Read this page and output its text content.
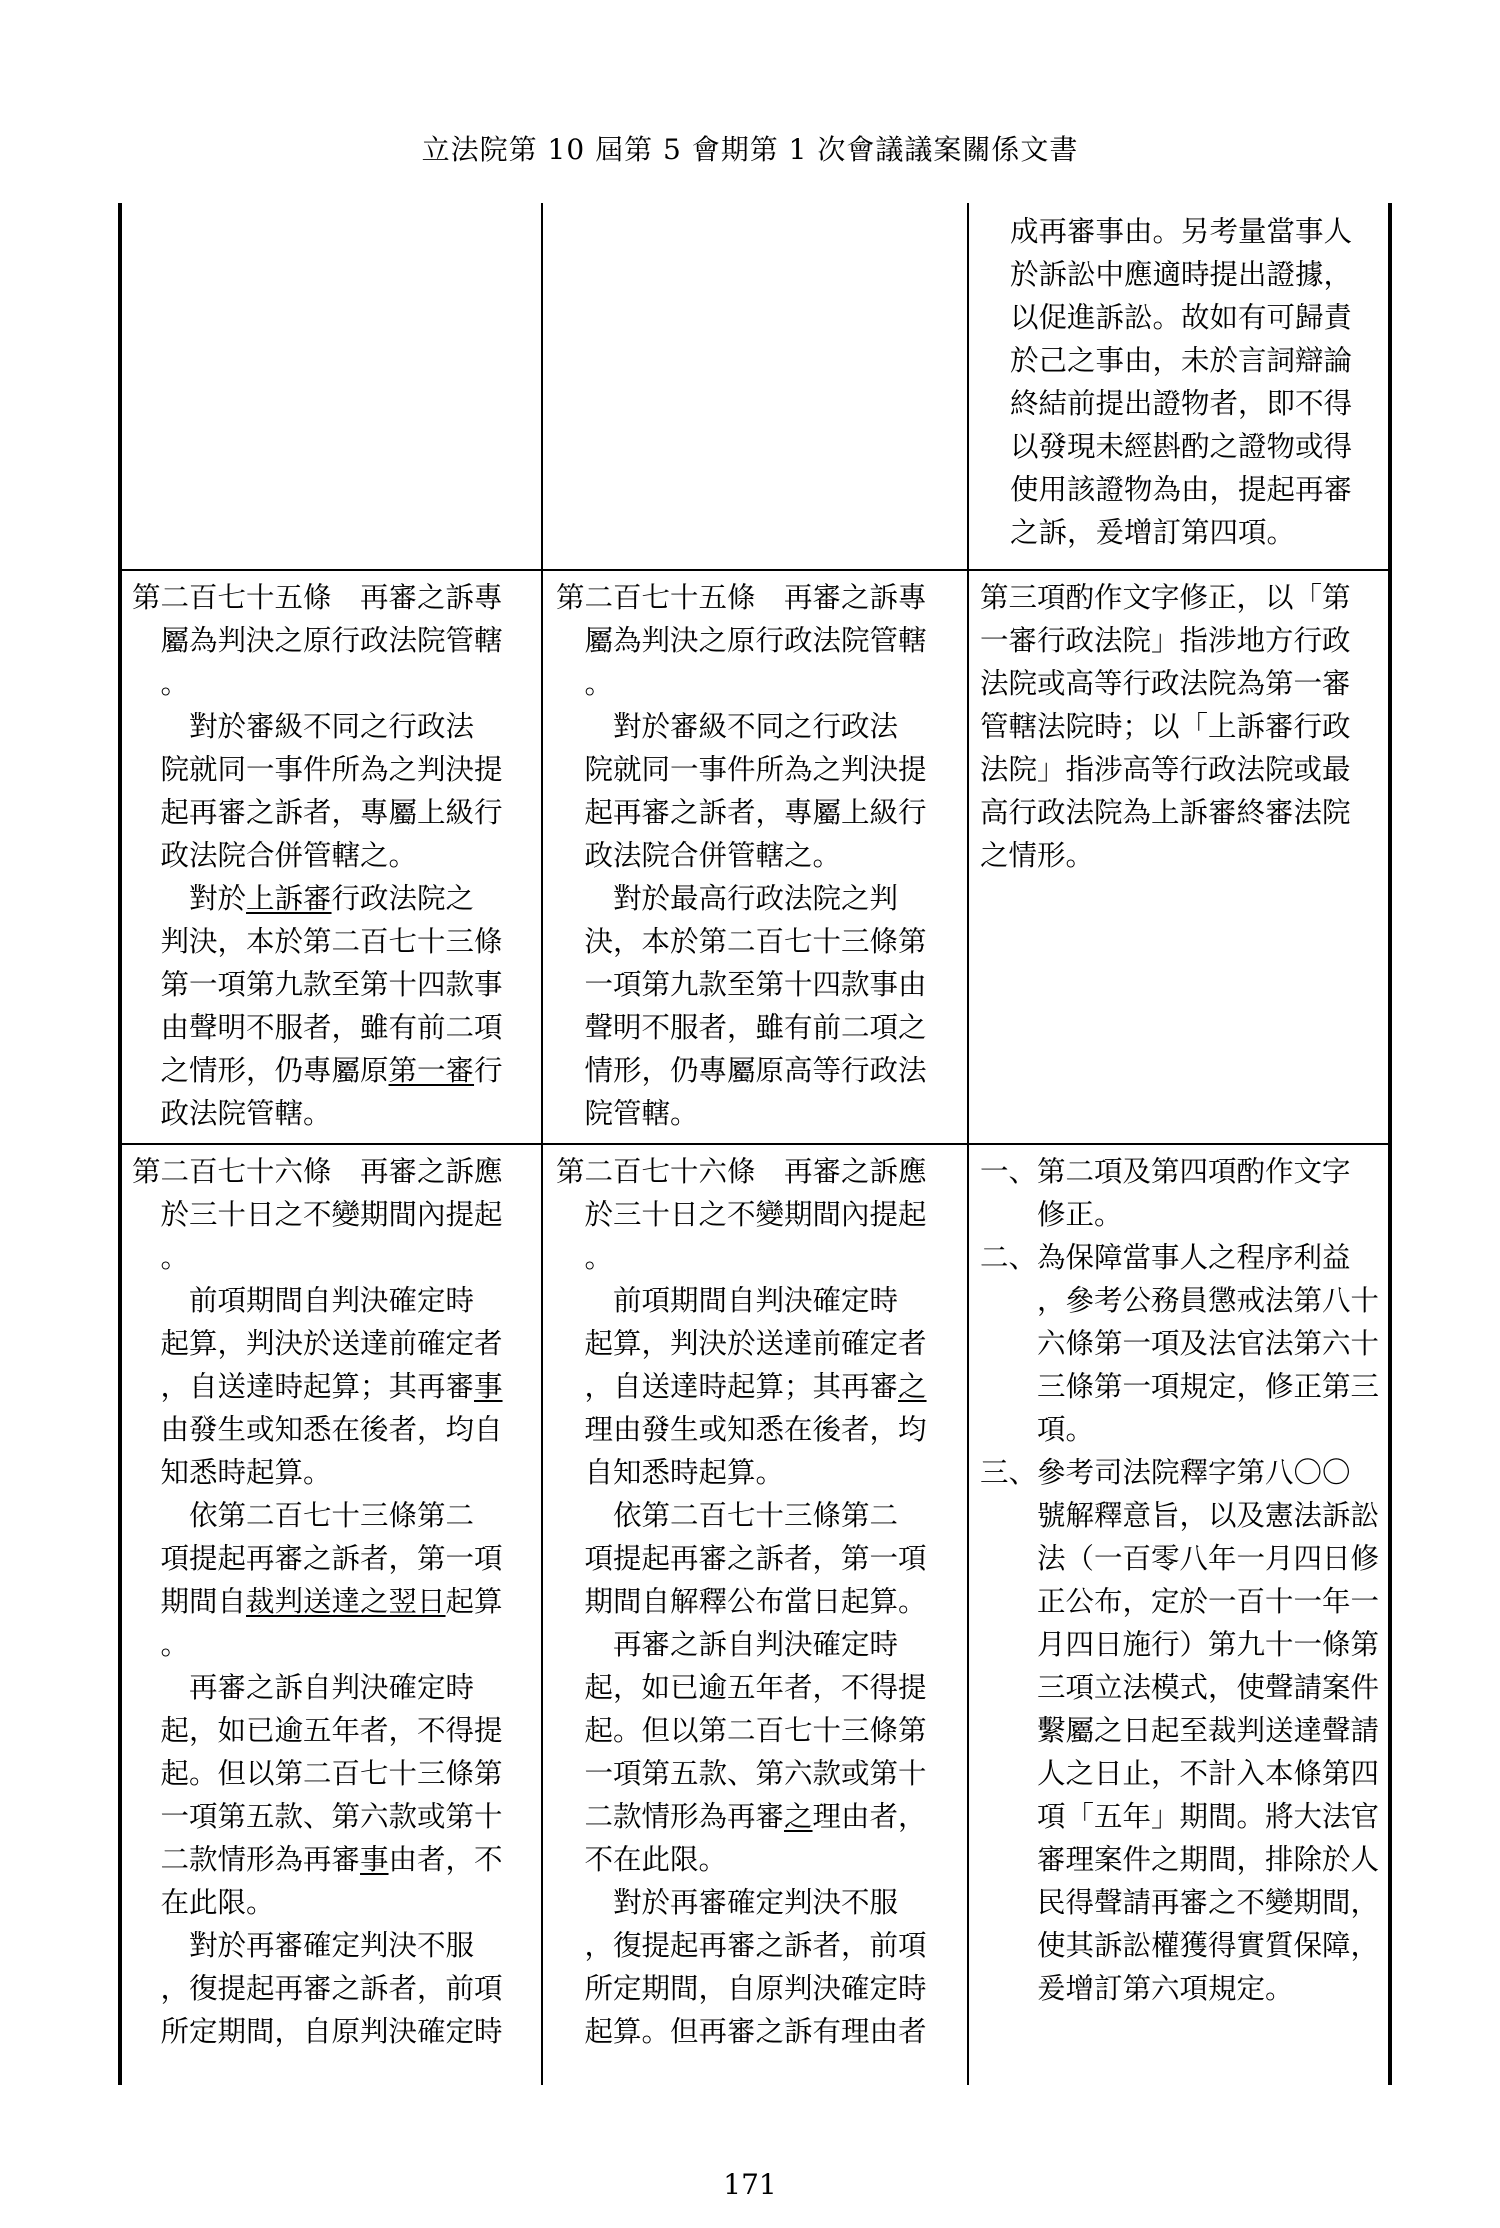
立法院第 10 屆第 5 會期第 1 次會議議案關係文書
成再審事由。另考量當事人
於訴訟中應適時提出證據，
以促進訴訟。故如有可歸責
於己之事由，未於言詞辯論
終結前提出證物者，即不得
以發現未經斟酌之證物或得
使用該證物為由，提起再審
之訴，爰增訂第四項。
第二百七十五條　再審之訴專
　屬為判決之原行政法院管轄
　。
　　對於審級不同之行政法
　院就同一事件所為之判決提
　起再審之訴者，專屬上級行
　政法院合併管轄之。
　　對於上訴審行政法院之
　判決，本於第二百七十三條
　第一項第九款至第十四款事
　由聲明不服者，雖有前二項
　之情形，仍專屬原第一審行
　政法院管轄。
第二百七十五條　再審之訴專
　屬為判決之原行政法院管轄
　。
　　對於審級不同之行政法
　院就同一事件所為之判決提
　起再審之訴者，專屬上級行
　政法院合併管轄之。
　　對於最高行政法院之判
　決，本於第二百七十三條第
　一項第九款至第十四款事由
　聲明不服者，雖有前二項之
　情形，仍專屬原高等行政法
　院管轄。
第三項酌作文字修正，以「第
一審行政法院」指涉地方行政
法院或高等行政法院為第一審
管轄法院時；以「上訴審行政
法院」指涉高等行政法院或最
高行政法院為上訴審終審法院
之情形。
第二百七十六條　再審之訴應
　於三十日之不變期間內提起
　。
　　前項期間自判決確定時
　起算，判決於送達前確定者
　，自送達時起算；其再審事
　由發生或知悉在後者，均自
　知悉時起算。
　　依第二百七十三條第二
　項提起再審之訴者，第一項
　期間自裁判送達之翌日起算
　。
　　再審之訴自判決確定時
　起，如已逾五年者，不得提
　起。但以第二百七十三條第
　一項第五款、第六款或第十
　二款情形為再審事由者，不
　在此限。
　　對於再審確定判決不服
　，復提起再審之訴者，前項
　所定期間，自原判決確定時
第二百七十六條　再審之訴應
　於三十日之不變期間內提起
　。
　　前項期間自判決確定時
　起算，判決於送達前確定者
　，自送達時起算；其再審之
　理由發生或知悉在後者，均
　自知悉時起算。
　　依第二百七十三條第二
　項提起再審之訴者，第一項
　期間自解釋公布當日起算。
　　再審之訴自判決確定時
　起，如已逾五年者，不得提
　起。但以第二百七十三條第
　一項第五款、第六款或第十
　二款情形為再審之理由者，
　不在此限。
　　對於再審確定判決不服
　，復提起再審之訴者，前項
　所定期間，自原判決確定時
　起算。但再審之訴有理由者
一、第二項及第四項酌作文字
　　修正。
二、為保障當事人之程序利益
　　，參考公務員懲戒法第八十
　　六條第一項及法官法第六十
　　三條第一項規定，修正第三
　　項。
三、參考司法院釋字第八〇〇
　　號解釋意旨，以及憲法訴訟
　　法（一百零八年一月四日修
　　正公布，定於一百十一年一
　　月四日施行）第九十一條第
　　三項立法模式，使聲請案件
　　繫屬之日起至裁判送達聲請
　　人之日止，不計入本條第四
　　項「五年」期間。將大法官
　　審理案件之期間，排除於人
　　民得聲請再審之不變期間，
　　使其訴訟權獲得實質保障，
　　爰增訂第六項規定。
171
